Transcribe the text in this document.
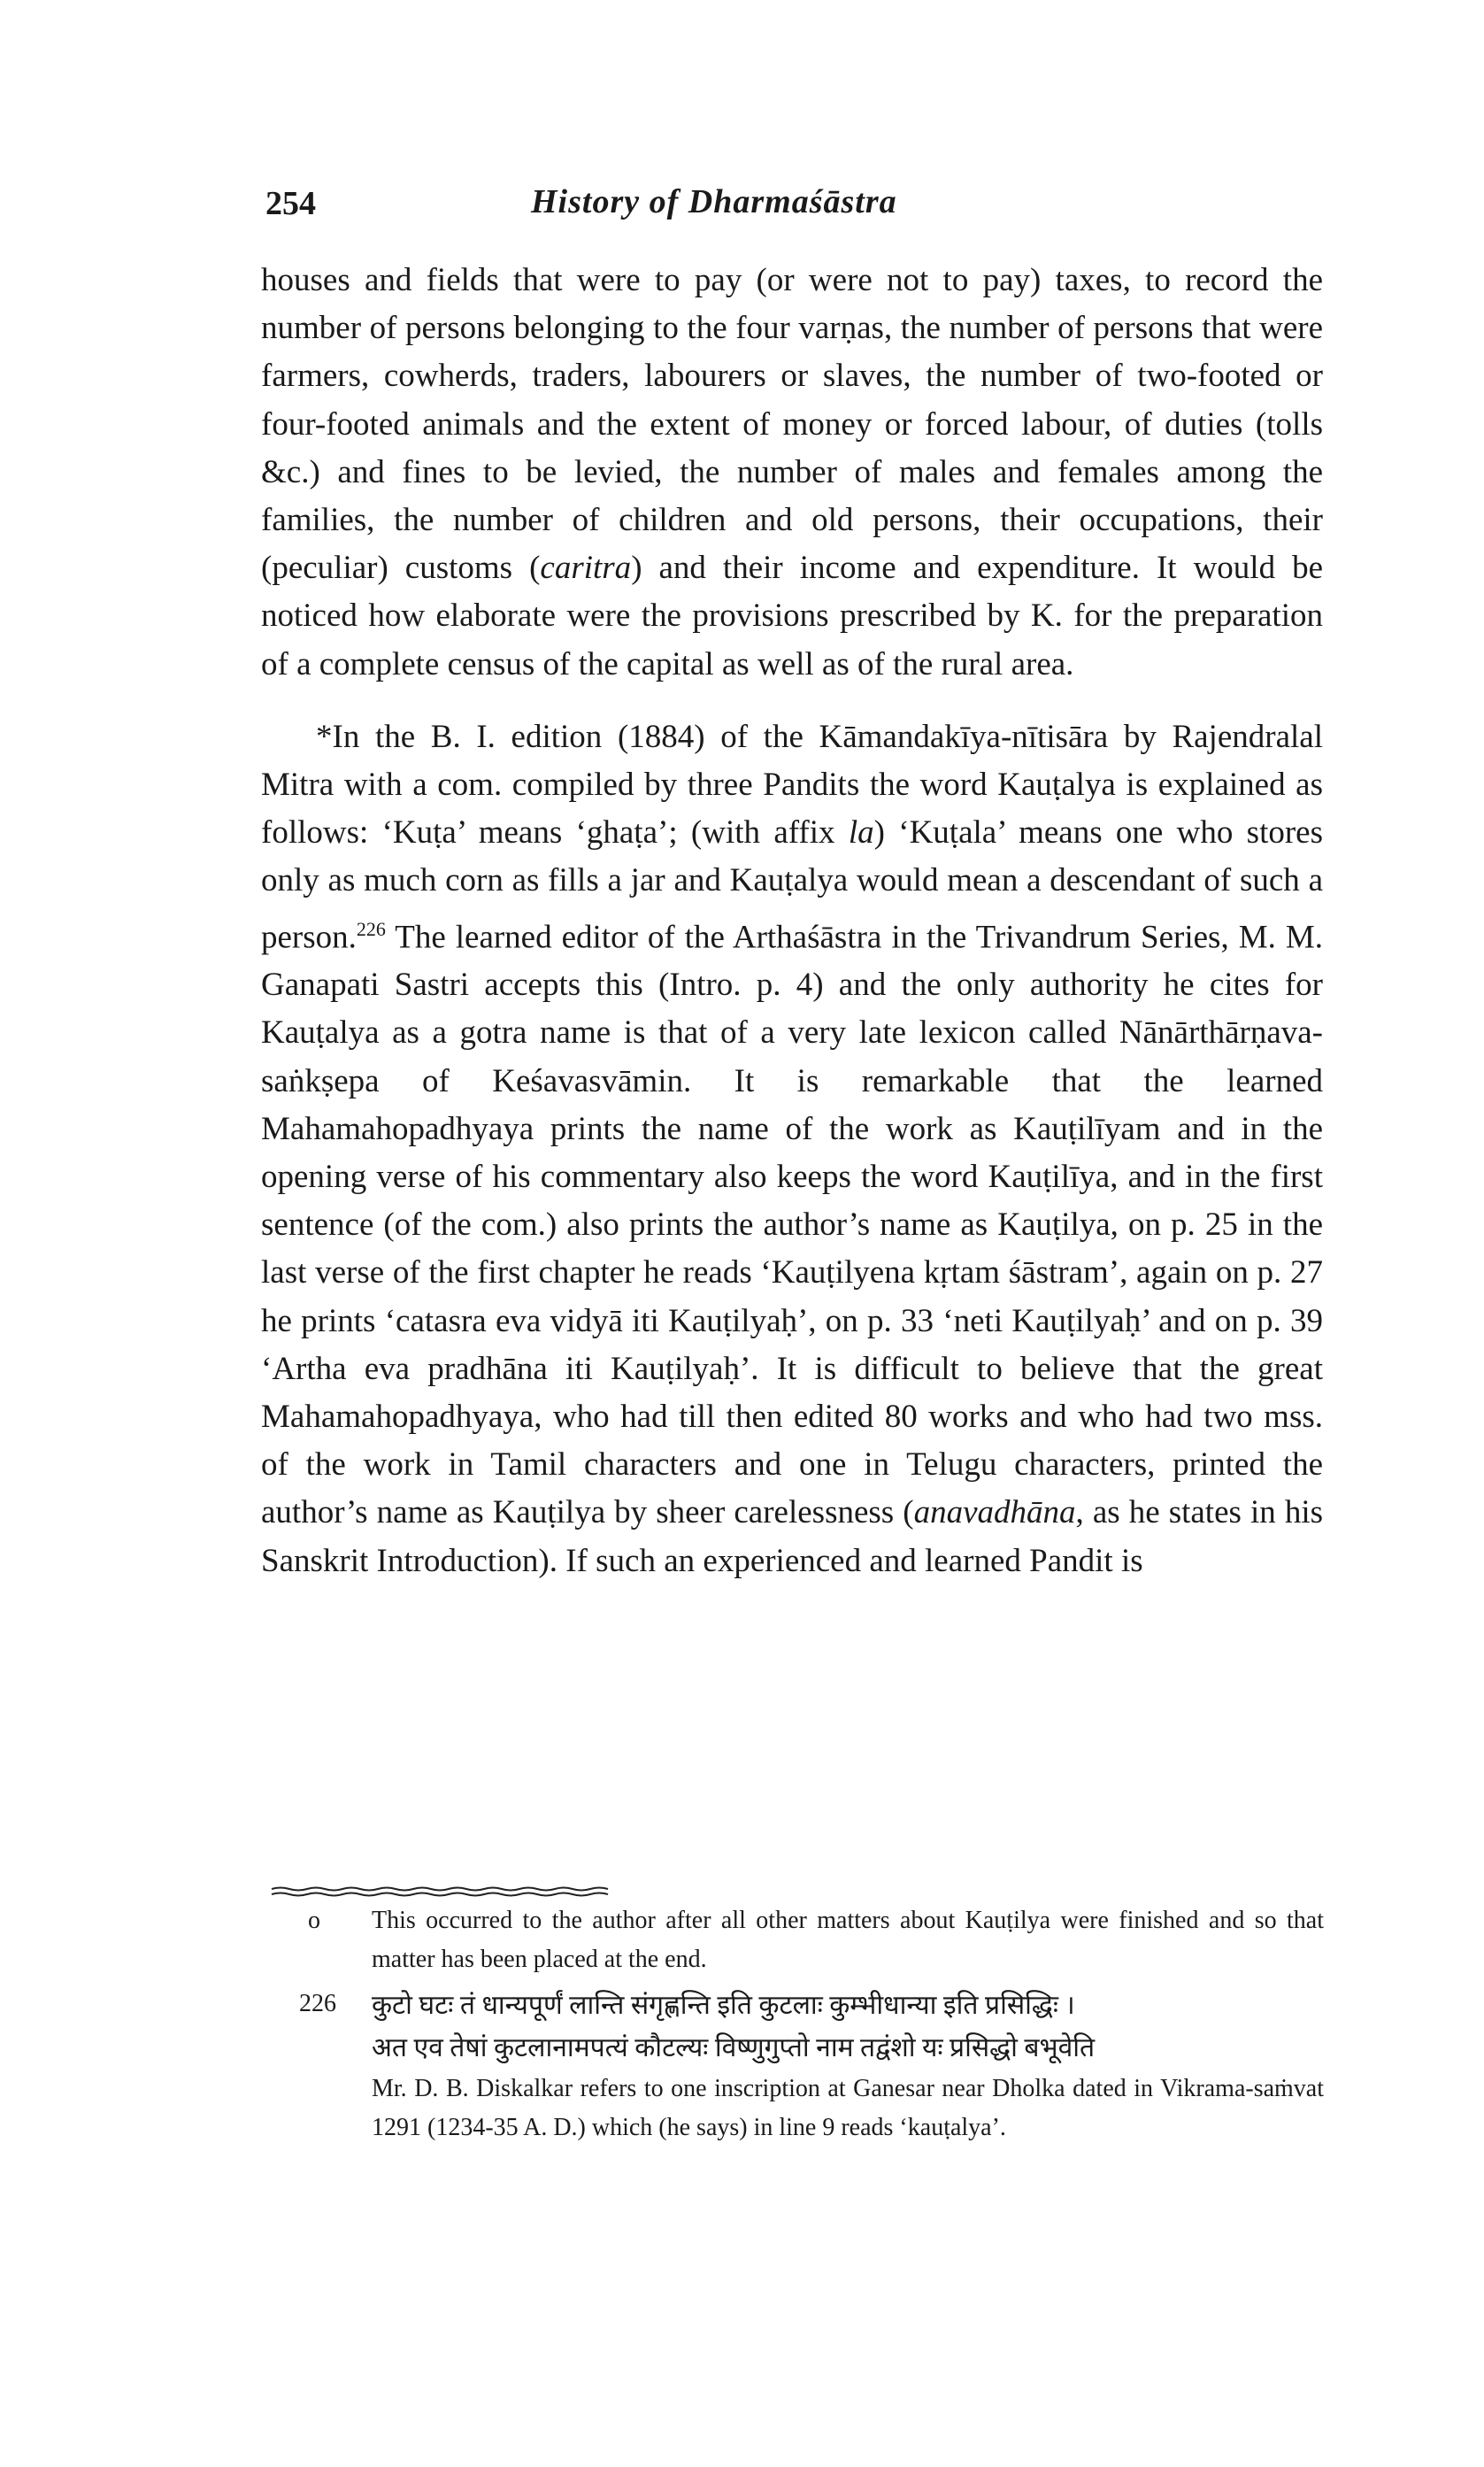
254	History of Dharmaśāstra

houses and fields that were to pay (or were not to pay) taxes, to record the number of persons belonging to the four varṇas, the number of persons that were farmers, cowherds, traders, labourers or slaves, the number of two-footed or four-footed animals and the extent of money or forced labour, of duties (tolls &c.) and fines to be levied, the number of males and females among the families, the number of children and old persons, their occupations, their (peculiar) customs (caritra) and their income and expenditure. It would be noticed how elaborate were the provisions prescribed by K. for the preparation of a complete census of the capital as well as of the rural area.

*In the B. I. edition (1884) of the Kāmandakīya-nītisāra by Rajendralal Mitra with a com. compiled by three Pandits the word Kauṭalya is explained as follows: ‘Kuṭa’ means ‘ghaṭa’; (with affix la) ‘Kuṭala’ means one who stores only as much corn as fills a jar and Kauṭalya would mean a descendant of such a person.$^{226}$ The learned editor of the Arthaśāstra in the Trivandrum Series, M. M. Ganapati Sastri accepts this (Intro. p. 4) and the only authority he cites for Kauṭalya as a gotra name is that of a very late lexicon called Nānārthārṇava-saṅkṣepa of Keśavasvāmin. It is remarkable that the learned Mahamahopadhyaya prints the name of the work as Kauṭilīyam and in the opening verse of his commentary also keeps the word Kauṭilīya, and in the first sentence (of the com.) also prints the author’s name as Kauṭilya, on p. 25 in the last verse of the first chapter he reads ‘Kauṭilyena kṛtam śāstram’, again on p. 27 he prints ‘catasra eva vidyā iti Kauṭilyaḥ’, on p. 33 ‘neti Kauṭilyaḥ’ and on p. 39 ‘Artha eva pradhāna iti Kauṭilyaḥ’. It is difficult to believe that the great Mahamahopadhyaya, who had till then edited 80 works and who had two mss. of the work in Tamil characters and one in Telugu characters, printed the author’s name as Kauṭilya by sheer carelessness (anavadhāna, as he states in his Sanskrit Introduction). If such an experienced and learned Pandit is

o This occurred to the author after all other matters about Kauṭilya were finished and so that matter has been placed at the end.
226 कुटो घटः तं धान्यपूर्णं लान्ति संगृह्णन्ति इति कुटलाः कुम्भीधान्या इति प्रसिद्धिः ।
अत एव तेषां कुटलानामपत्यं कौटल्यः विष्णुगुप्तो नाम तद्वंशो यः प्रसिद्धो बभूवेति
Mr. D. B. Diskalkar refers to one inscription at Ganesar near Dholka dated in Vikrama-saṁvat 1291 (1234-35 A. D.) which (he says) in line 9 reads ‘kauṭalya’.
